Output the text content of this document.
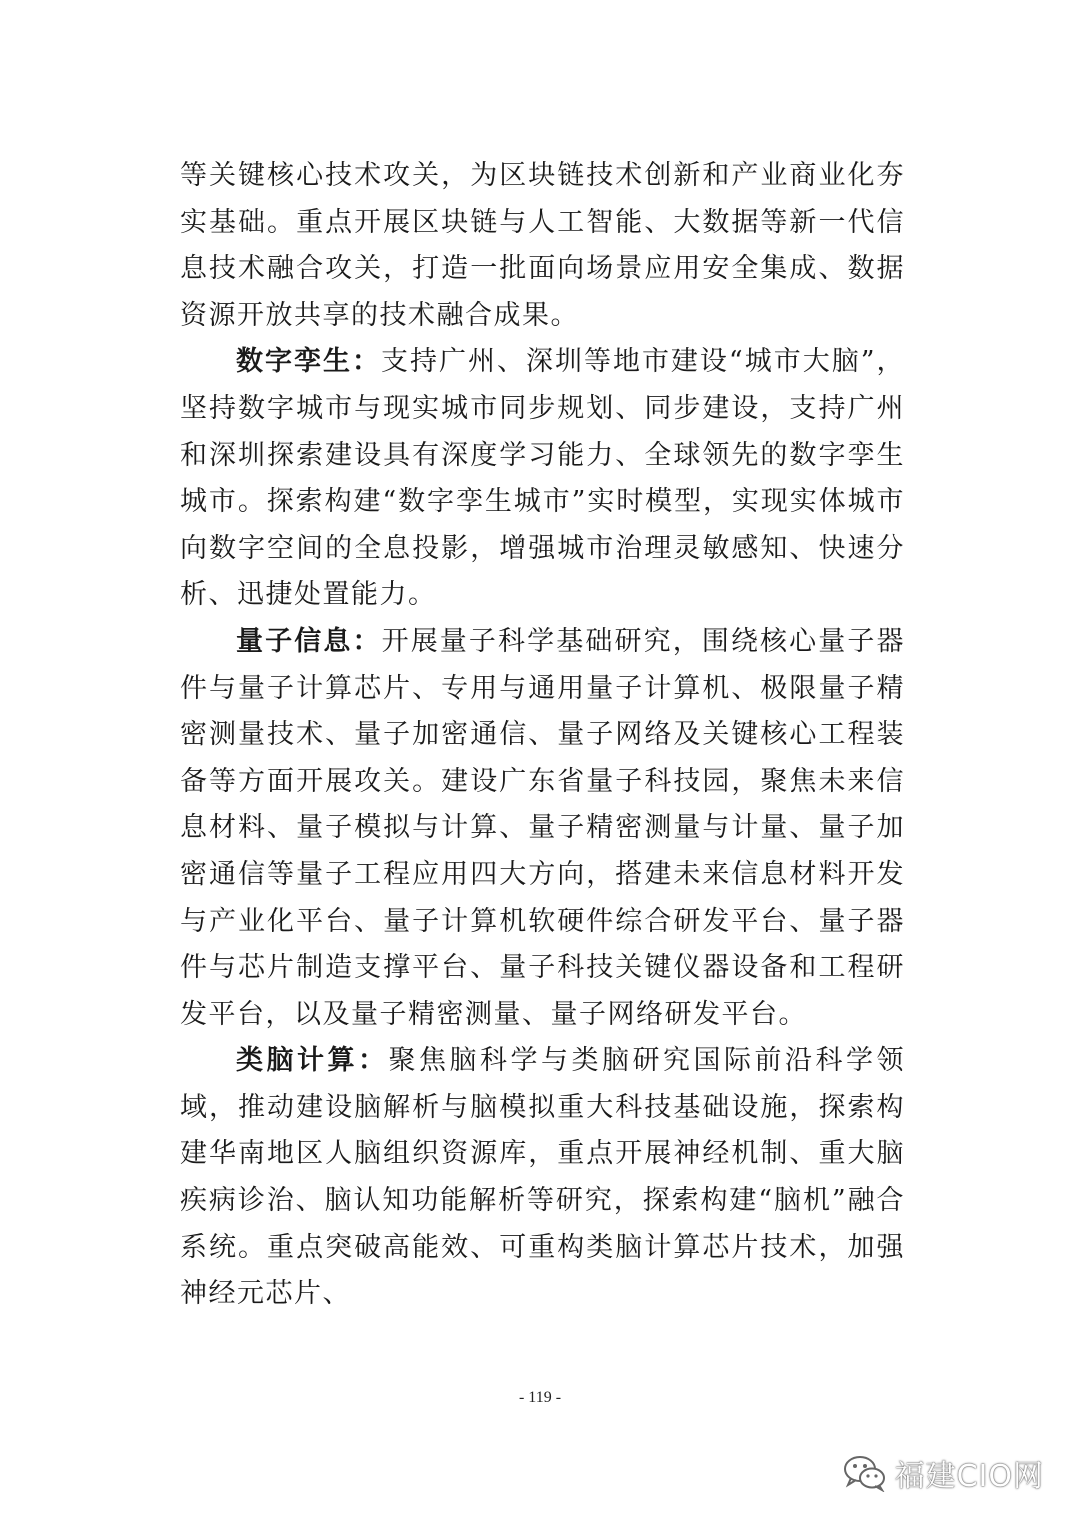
等关键核心技术攻关，为区块链技术创新和产业商业化夯实基础。重点开展区块链与人工智能、大数据等新一代信息技术融合攻关，打造一批面向场景应用安全集成、数据资源开放共享的技术融合成果。

数字孪生：支持广州、深圳等地市建设“城市大脑”，坚持数字城市与现实城市同步规划、同步建设，支持广州和深圳探索建设具有深度学习能力、全球领先的数字孪生城市。探索构建“数字孪生城市”实时模型，实现实体城市向数字空间的全息投影，增强城市治理灵敏感知、快速分析、迅捷处置能力。

量子信息：开展量子科学基础研究，围绕核心量子器件与量子计算芯片、专用与通用量子计算机、极限量子精密测量技术、量子加密通信、量子网络及关键核心工程装备等方面开展攻关。建设广东省量子科技园，聚焦未来信息材料、量子模拟与计算、量子精密测量与计量、量子加密通信等量子工程应用四大方向，搭建未来信息材料开发与产业化平台、量子计算机软硬件综合研发平台、量子器件与芯片制造支撑平台、量子科技关键仪器设备和工程研发平台，以及量子精密测量、量子网络研发平台。

类脑计算：聚焦脑科学与类脑研究国际前沿科学领域，推动建设脑解析与脑模拟重大科技基础设施，探索构建华南地区人脑组织资源库，重点开展神经机制、重大脑疾病诊治、脑认知功能解析等研究，探索构建“脑机”融合系统。重点突破高能效、可重构类脑计算芯片技术，加强神经元芯片、

- 119 -
福建CIO网
